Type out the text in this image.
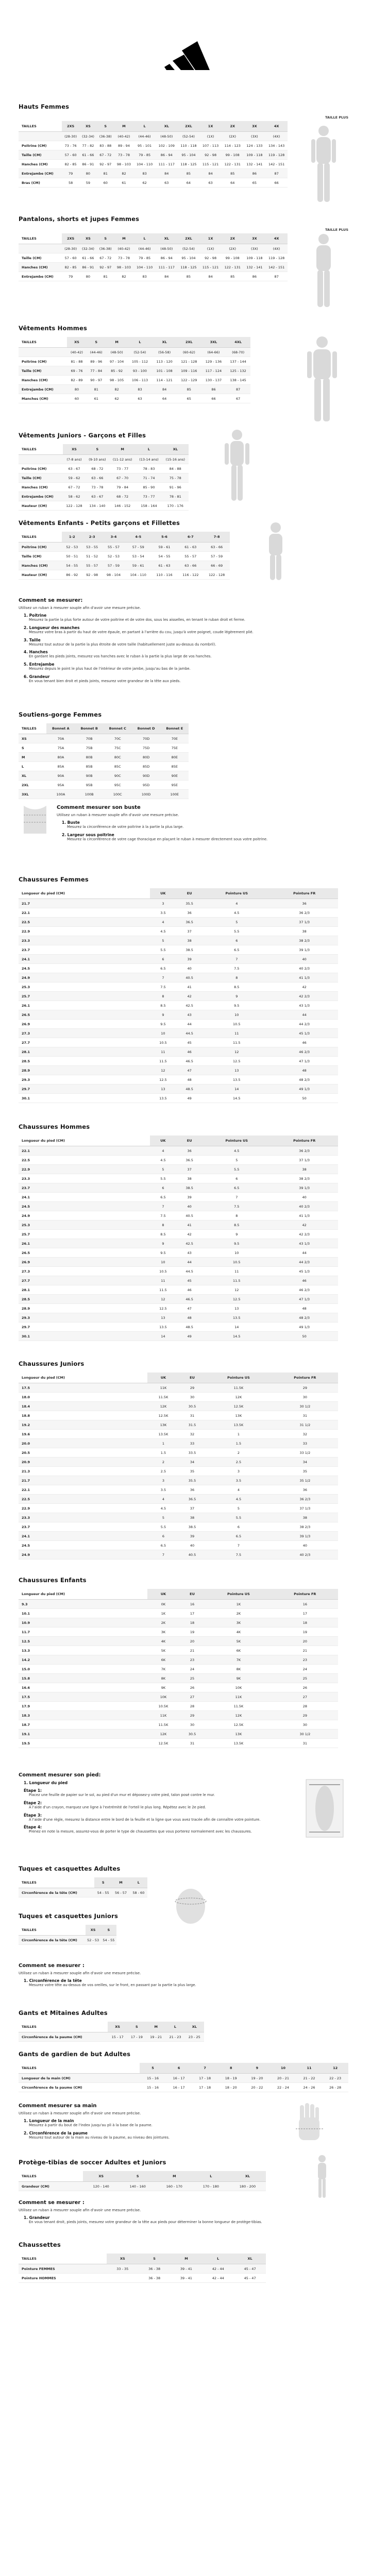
Hauts Femmes
TAILLE PLUS
TAILLES	2XS	XS	S	M	L	XL	2XL	1X	2X	3X	4X
	(28-30)	(32-34)	(36-38)	(40-42)	(44-46)	(48-50)	(52-54)	(1X)	(2X)	(3X)	(4X)
Poitrine (CM)	73 - 76	77 - 82	83 - 88	89 - 94	95 - 101	102 - 109	110 - 118	107 - 113	114 - 123	124 - 133	134 - 143
Taille (CM)	57 - 60	61 - 66	67 - 72	73 - 78	79 - 85	86 - 94	95 - 104	92 - 98	99 - 108	109 - 118	119 - 128
Hanches (CM)	82 - 85	86 - 91	92 - 97	98 - 103	104 - 110	111 - 117	118 - 125	115 - 121	122 - 131	132 - 141	142 - 151
Entrejambe (CM)	79	80	81	82	83	84	85	84	85	86	87
Bras (CM)	58	59	60	61	62	63	64	63	64	65	66
Pantalons, shorts et jupes Femmes
TAILLE PLUS
TAILLES	2XS	XS	S	M	L	XL	2XL	1X	2X	3X	4X
	(28-30)	(32-34)	(36-38)	(40-42)	(44-46)	(48-50)	(52-54)	(1X)	(2X)	(3X)	(4X)
Taille (CM)	57 - 60	61 - 66	67 - 72	73 - 78	79 - 85	86 - 94	95 - 104	92 - 98	99 - 108	109 - 118	119 - 128
Hanches (CM)	82 - 85	86 - 91	92 - 97	98 - 103	104 - 110	111 - 117	118 - 125	115 - 121	122 - 131	132 - 141	142 - 151
Entrejambe (CM)	79	80	81	82	83	84	85	84	85	86	87
Vêtements Hommes
TAILLES	XS	S	M	L	XL	2XL	3XL	4XL
	(40-42)	(44-46)	(48-50)	(52-54)	(56-58)	(60-62)	(64-66)	(68-70)
Poitrine (CM)	81 - 88	89 - 96	97 - 104	105 - 112	113 - 120	121 - 128	129 - 136	137 - 144
Taille (CM)	69 - 76	77 - 84	85 - 92	93 - 100	101 - 108	109 - 116	117 - 124	125 - 132
Hanches (CM)	82 - 89	90 - 97	98 - 105	106 - 113	114 - 121	122 - 129	130 - 137	138 - 145
Entrejambe (CM)	80	81	82	83	84	85	86	87
Manches (CM)	60	61	62	63	64	65	66	67
Vêtements Juniors - Garçons et Filles
TAILLES	XS	S	M	L	XL
	(7-8 ans)	(9-10 ans)	(11-12 ans)	(13-14 ans)	(15-16 ans)
Poitrine (CM)	63 - 67	68 - 72	73 - 77	78 - 83	84 - 88
Taille (CM)	59 - 62	63 - 66	67 - 70	71 - 74	75 - 78
Hanches (CM)	67 - 72	73 - 78	79 - 84	85 - 90	91 - 96
Entrejambe (CM)	58 - 62	63 - 67	68 - 72	73 - 77	78 - 81
Hauteur (CM)	122 - 128	134 - 140	146 - 152	158 - 164	170 - 176
Vêtements Enfants - Petits garçons et Fillettes
TAILLES	1-2	2-3	3-4	4-5	5-6	6-7	7-8
Poitrine (CM)	52 - 53	53 - 55	55 - 57	57 - 59	59 - 61	61 - 63	63 - 66
Taille (CM)	50 - 51	51 - 52	52 - 53	53 - 54	54 - 55	55 - 57	57 - 59
Hanches (CM)	54 - 55	55 - 57	57 - 59	59 - 61	61 - 63	63 - 66	66 - 69
Hauteur (CM)	86 - 92	92 - 98	98 - 104	104 - 110	110 - 116	116 - 122	122 - 128
Comment se mesurer:

Utilisez un ruban à mesurer souple afin d'avoir une mesure précise.

1. Poitrine
Mesurez la partie la plus forte autour de votre poitrine et de votre dos, sous les aisselles, en tenant le ruban droit et ferme.
2. Longueur des manches
Mesurez votre bras à partir du haut de votre épaule, en partant à l'arrière du cou, jusqu'à votre poignet, coude légèrement plié.
3. Taille
Mesurez tout autour de la partie la plus étroite de votre taille (habituellement juste au-dessus du nombril).
4. Hanches
En gardant les pieds joints, mesurez vos hanches avec le ruban à la partie la plus large de vos hanches.
5. Entrejambe
Mesurez depuis le point le plus haut de l'intérieur de votre jambe, jusqu'au bas de la jambe.
6. Grandeur
En vous tenant bien droit et pieds joints, mesurez votre grandeur de la tête aux pieds.
Soutiens-gorge Femmes
TAILLES	Bonnet A	Bonnet B	Bonnet C	Bonnet D	Bonnet E
XS	70A	70B	70C	70D	70E
S	75A	75B	75C	75D	75E
M	80A	80B	80C	80D	80E
L	85A	85B	85C	85D	85E
XL	90A	90B	90C	90D	90E
2XL	95A	95B	95C	95D	95E
3XL	100A	100B	100C	100D	100E
Comment mesurer son buste

Utilisez un ruban à mesurer souple afin d'avoir une mesure précise.

1. Buste
Mesurez la circonférence de votre poitrine à la partie la plus large.
2. Largeur sous poitrine
Mesurez la circonférence de votre cage thoracique en plaçant le ruban à mesurer directement sous votre poitrine.
Chaussures Femmes
Longueur du pied (CM)	UK	EU	Pointure US	Pointure FR
21.7	3	35.5	4	36
22.1	3.5	36	4.5	36 2/3
22.5	4	36.5	5	37 1/3
22.9	4.5	37	5.5	38
23.3	5	38	6	38 2/3
23.7	5.5	38.5	6.5	39 1/3
24.1	6	39	7	40
24.5	6.5	40	7.5	40 2/3
24.9	7	40.5	8	41 1/3
25.3	7.5	41	8.5	42
25.7	8	42	9	42 2/3
26.1	8.5	42.5	9.5	43 1/3
26.5	9	43	10	44
26.9	9.5	44	10.5	44 2/3
27.3	10	44.5	11	45 1/3
27.7	10.5	45	11.5	46
28.1	11	46	12	46 2/3
28.5	11.5	46.5	12.5	47 1/3
28.9	12	47	13	48
29.3	12.5	48	13.5	48 2/3
29.7	13	48.5	14	49 1/3
30.1	13.5	49	14.5	50
Chaussures Hommes
Longueur du pied (CM)	UK	EU	Pointure US	Pointure FR
22.1	4	36	4.5	36 2/3
22.5	4.5	36.5	5	37 1/3
22.9	5	37	5.5	38
23.3	5.5	38	6	38 2/3
23.7	6	38.5	6.5	39 1/3
24.1	6.5	39	7	40
24.5	7	40	7.5	40 2/3
24.9	7.5	40.5	8	41 1/3
25.3	8	41	8.5	42
25.7	8.5	42	9	42 2/3
26.1	9	42.5	9.5	43 1/3
26.5	9.5	43	10	44
26.9	10	44	10.5	44 2/3
27.3	10.5	44.5	11	45 1/3
27.7	11	45	11.5	46
28.1	11.5	46	12	46 2/3
28.5	12	46.5	12.5	47 1/3
28.9	12.5	47	13	48
29.3	13	48	13.5	48 2/3
29.7	13.5	48.5	14	49 1/3
30.1	14	49	14.5	50
Chaussures Juniors
Longueur du pied (CM)	UK	EU	Pointure US	Pointure FR
17.5	11K	29	11.5K	29
18.0	11.5K	30	12K	30
18.4	12K	30.5	12.5K	30 1/2
18.8	12.5K	31	13K	31
19.2	13K	31.5	13.5K	31 1/2
19.6	13.5K	32	1	32
20.0	1	33	1.5	33
20.5	1.5	33.5	2	33 1/2
20.9	2	34	2.5	34
21.3	2.5	35	3	35
21.7	3	35.5	3.5	35 1/2
22.1	3.5	36	4	36
22.5	4	36.5	4.5	36 2/3
22.9	4.5	37	5	37 1/3
23.3	5	38	5.5	38
23.7	5.5	38.5	6	38 2/3
24.1	6	39	6.5	39 1/3
24.5	6.5	40	7	40
24.9	7	40.5	7.5	40 2/3
Chaussures Enfants
Longueur du pied (CM)	UK	EU	Pointure US	Pointure FR
9.3	0K	16	1K	16
10.1	1K	17	2K	17
10.9	2K	18	3K	18
11.7	3K	19	4K	19
12.5	4K	20	5K	20
13.3	5K	21	6K	21
14.2	6K	23	7K	23
15.0	7K	24	8K	24
15.8	8K	25	9K	25
16.6	9K	26	10K	26
17.5	10K	27	11K	27
17.9	10.5K	28	11.5K	28
18.3	11K	29	12K	29
18.7	11.5K	30	12.5K	30
19.1	12K	30.5	13K	30 1/2
19.5	12.5K	31	13.5K	31
Comment mesurer son pied:
1. Longueur du pied
Étape 1:
Placez une feuille de papier sur le sol, au pied d'un mur et déposez-y votre pied, talon posé contre le mur.
Étape 2:
À l'aide d'un crayon, marquez une ligne à l'extrémité de l'orteil le plus long. Répétez avec le 2e pied.
Étape 3:
À l'aide d'une règle, mesurez la distance entre le bord de la feuille et la ligne que vous avez tracée afin de connaître votre pointure.
Étape 4:
Prenez en note la mesure, assurez-vous de porter le type de chaussettes que vous porterez normalement avec les chaussures.
Tuques et casquettes Adultes
TAILLES	S	M	L
Circonférence de la tête (CM)	54 - 55	56 - 57	58 - 60
Tuques et casquettes Juniors
TAILLES	XS	S
Circonférence de la tête (CM)	52 - 53	54 - 55
Comment se mesurer :

Utilisez un ruban à mesurer souple afin d'avoir une mesure précise.

1. Circonférence de la tête
Mesurez votre tête au-dessus de vos oreilles, sur le front, en passant par la partie la plus large.
Gants et Mitaines Adultes
TAILLES	XS	S	M	L	XL
Circonférence de la paume (CM)	15 - 17	17 - 19	19 - 21	21 - 23	23 - 25
Gants de gardien de but Adultes
TAILLES	5	6	7	8	9	10	11	12
Longueur de la main (CM)	15 - 16	16 - 17	17 - 18	18 - 19	19 - 20	20 - 21	21 - 22	22 - 23
Circonférence de la paume (CM)	15 - 16	16 - 17	17 - 18	18 - 20	20 - 22	22 - 24	24 - 26	26 - 28
Comment mesurer sa main

Utilisez un ruban à mesurer souple afin d'avoir une mesure précise.

1. Longueur de la main
Mesurez à partir du bout de l'index jusqu'au pli à la base de la paume.
2. Circonférence de la paume
Mesurez tout autour de la main au niveau de la paume, au niveau des jointures.
Protège-tibias de soccer Adultes et Juniors
TAILLES	XS	S	M	L	XL
Grandeur (CM)	120 - 140	140 - 160	160 - 170	170 - 180	180 - 200
Comment se mesurer :

Utilisez un ruban à mesurer souple afin d'avoir une mesure précise.

1. Grandeur
En vous tenant droit, pieds joints, mesurez votre grandeur de la tête aux pieds pour déterminer la bonne longueur de protège-tibias.
Chaussettes
TAILLES	XS	S	M	L	XL
Pointure FEMMES	33 - 35	36 - 38	39 - 41	42 - 44	45 - 47
Pointure HOMMES		36 - 38	39 - 41	42 - 44	45 - 47
